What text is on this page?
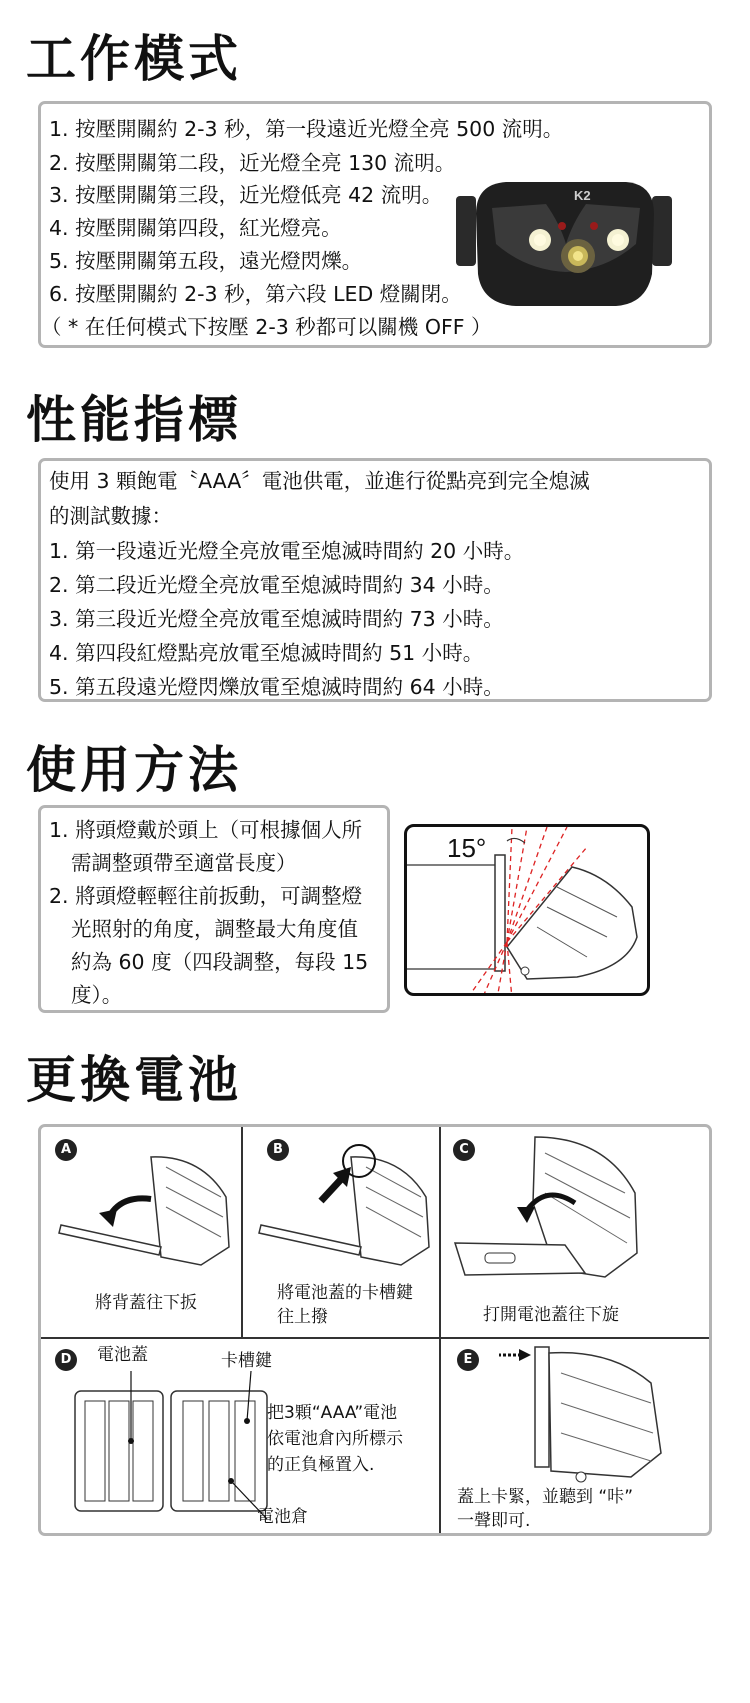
工作模式
1. 按壓開關約 2-3 秒，第一段遠近光燈全亮 500 流明。
2. 按壓開關第二段，近光燈全亮 130 流明。
3. 按壓開關第三段，近光燈低亮 42 流明。
4. 按壓開關第四段，紅光燈亮。
5. 按壓開關第五段，遠光燈閃爍。
6. 按壓開關約 2-3 秒，第六段 LED 燈關閉。
（ * 在任何模式下按壓 2-3 秒都可以關機 OFF ）
K2
性能指標
使用 3 顆飽電〝AAA〞電池供電，並進行從點亮到完全熄滅
的測試數據：
1. 第一段遠近光燈全亮放電至熄滅時間約 20 小時。
2. 第二段近光燈全亮放電至熄滅時間約 34 小時。
3. 第三段近光燈全亮放電至熄滅時間約 73 小時。
4. 第四段紅燈點亮放電至熄滅時間約 51 小時。
5. 第五段遠光燈閃爍放電至熄滅時間約 64 小時。
使用方法
1. 將頭燈戴於頭上（可根據個人所
需調整頭帶至適當長度）
2. 將頭燈輕輕往前扳動，可調整燈
光照射的角度，調整最大角度值
約為 60 度（四段調整，每段 15
度）。
15°
更換電池
A
將背蓋往下扳
B
將電池蓋的卡槽鍵
往上撥
C
打開電池蓋往下旋
D	電池蓋	卡槽鍵
把3顆“AAA”電池
依電池倉內所標示
的正負極置入.
電池倉
E
蓋上卡緊，並聽到 “咔”
一聲即可.
